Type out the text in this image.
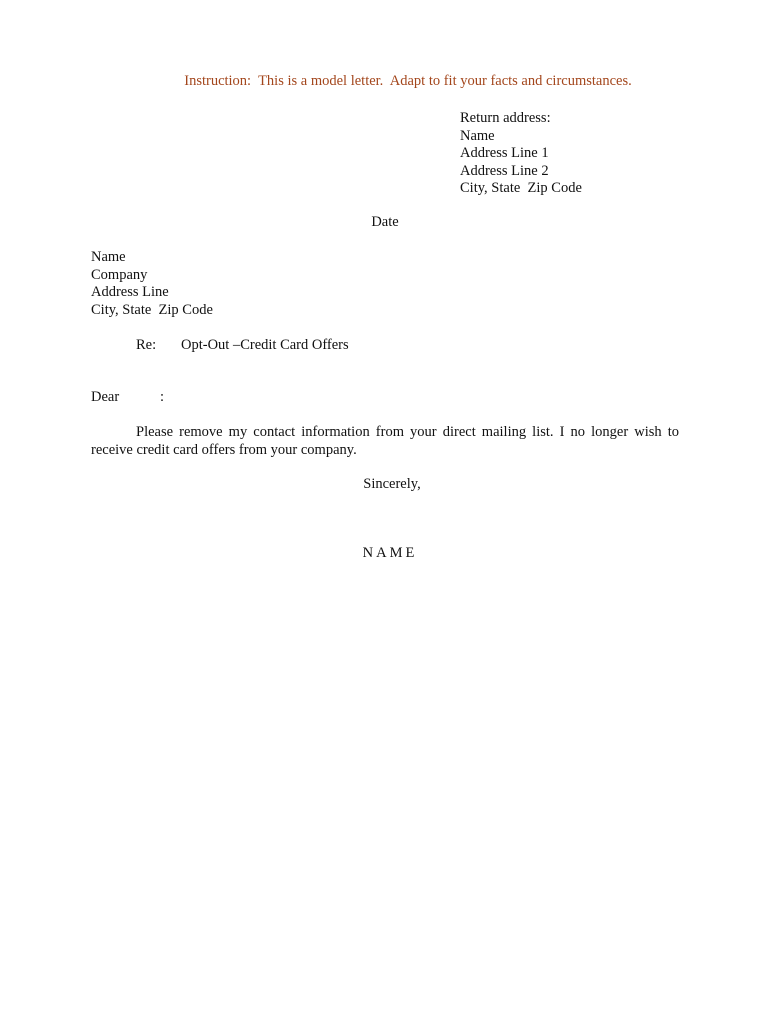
Instruction:  This is a model letter.  Adapt to fit your facts and circumstances.
Return address:
Name
Address Line 1
Address Line 2
City, State  Zip Code
Date
Name
Company
Address Line
City, State  Zip Code
Re: Opt-Out –Credit Card Offers
Dear	:
Please remove my contact information from your direct mailing list. I no longer wish to receive credit card offers from your company.
Sincerely,
NAME
